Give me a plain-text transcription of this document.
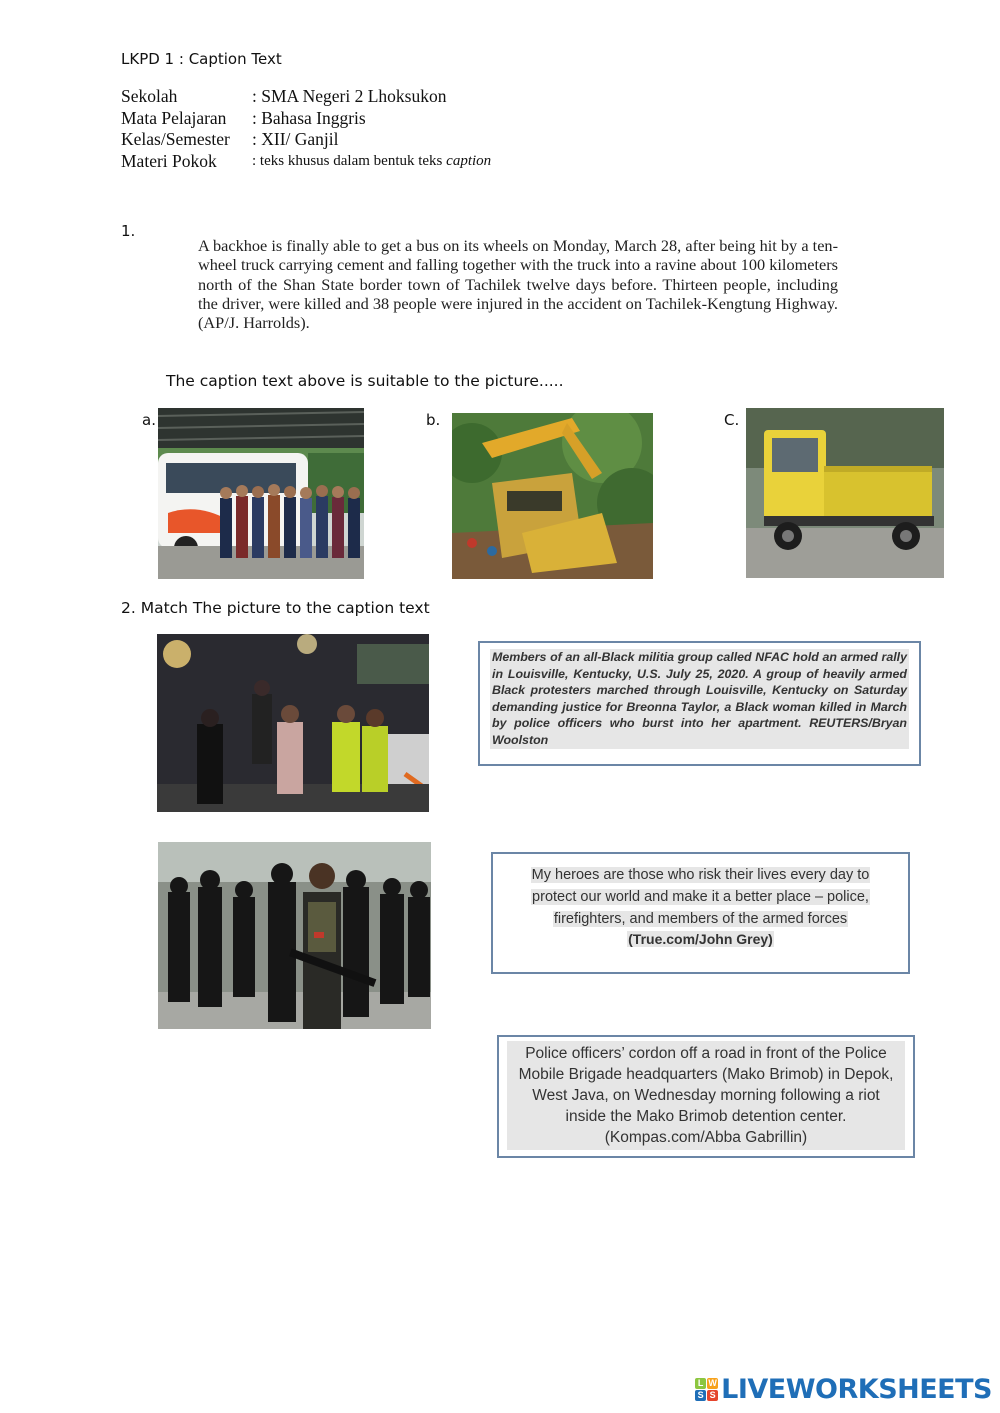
LKPD 1 : Caption Text
Sekolah	: SMA Negeri 2 Lhoksukon
Mata Pelajaran	: Bahasa Inggris
Kelas/Semester	: XII/ Ganjil
Materi Pokok	: teks khusus dalam bentuk teks caption
1.
A backhoe is finally able to get a bus on its wheels on Monday, March 28, after being hit by a ten-wheel truck carrying cement and falling together with the truck into a ravine about 100 kilometers north of the Shan State border town of Tachilek twelve days before. Thirteen people, including the driver, were killed and 38 people were injured in the accident on Tachilek-Kengtung Highway. (AP/J. Harrolds).
The caption text above is suitable to the picture.....
a.	b.	C.
2. Match The picture to the caption text
Members of an all-Black militia group called NFAC hold an armed rally in Louisville, Kentucky, U.S. July 25, 2020. A group of heavily armed Black protesters marched through Louisville, Kentucky on Saturday demanding justice for Breonna Taylor, a Black woman killed in March by police officers who burst into her apartment. REUTERS/Bryan Woolston
My heroes are those who risk their lives every day to
protect our world and make it a better place – police,
firefighters, and members of the armed forces
(True.com/John Grey)
Police officers’ cordon off a road in front of the Police Mobile Brigade headquarters (Mako Brimob) in Depok, West Java, on Wednesday morning following a riot inside the Mako Brimob detention center. (Kompas.com/Abba Gabrillin)
L W
S S LIVEWORKSHEETS
